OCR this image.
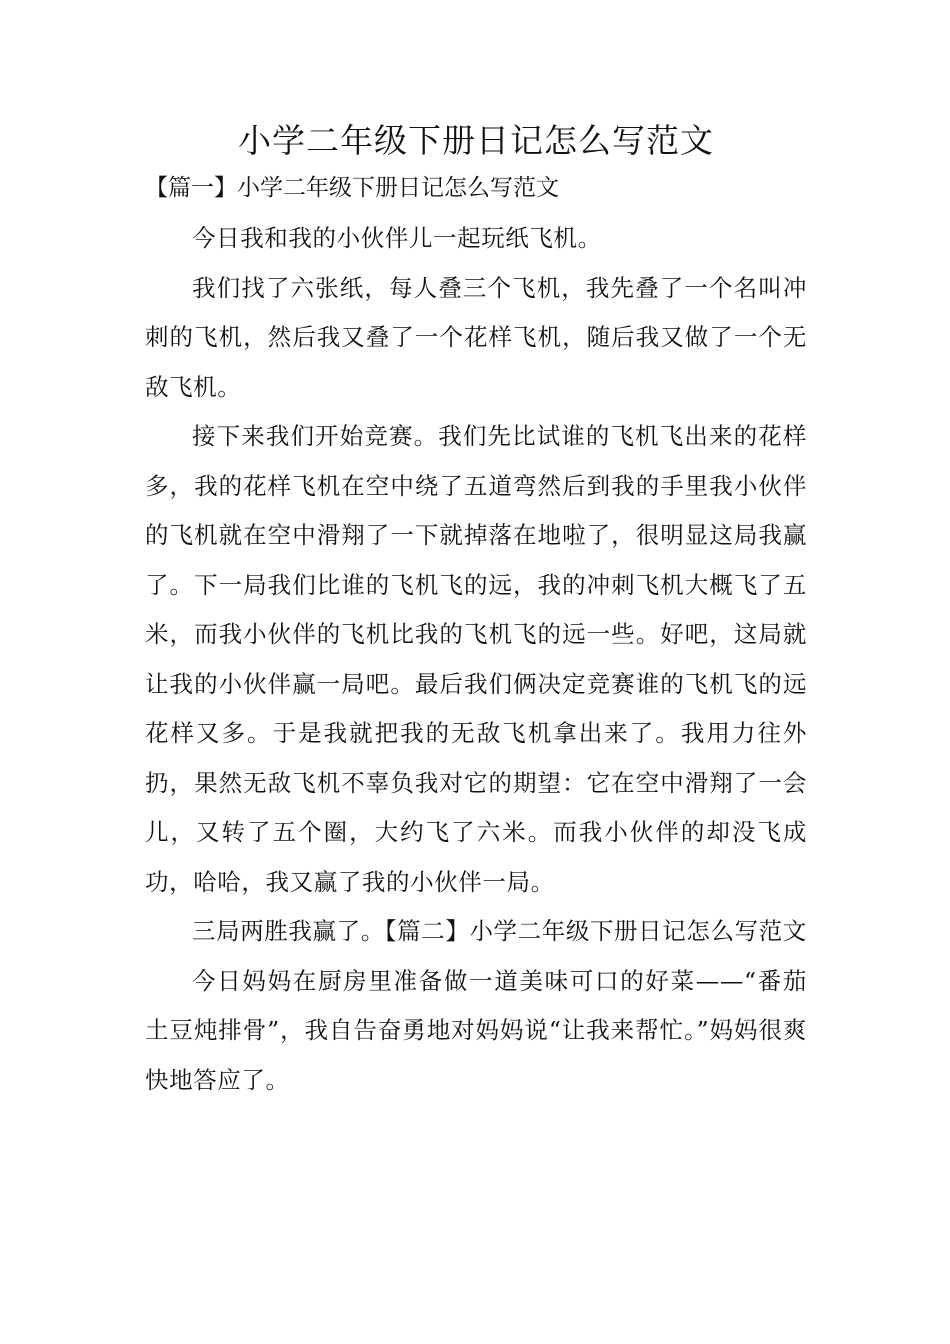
小学二年级下册日记怎么写范文
【篇一】小学二年级下册日记怎么写范文

今日我和我的小伙伴儿一起玩纸飞机。

我们找了六张纸，每人叠三个飞机，我先叠了一个名叫冲刺的飞机，然后我又叠了一个花样飞机，随后我又做了一个无敌飞机。

接下来我们开始竞赛。我们先比试谁的飞机飞出来的花样多，我的花样飞机在空中绕了五道弯然后到我的手里我小伙伴的飞机就在空中滑翔了一下就掉落在地啦了，很明显这局我赢了。下一局我们比谁的飞机飞的远，我的冲刺飞机大概飞了五米，而我小伙伴的飞机比我的飞机飞的远一些。好吧，这局就让我的小伙伴赢一局吧。最后我们俩决定竞赛谁的飞机飞的远花样又多。于是我就把我的无敌飞机拿出来了。我用力往外扔，果然无敌飞机不辜负我对它的期望：它在空中滑翔了一会儿，又转了五个圈，大约飞了六米。而我小伙伴的却没飞成功，哈哈，我又赢了我的小伙伴一局。

三局两胜我赢了。【篇二】小学二年级下册日记怎么写范文

今日妈妈在厨房里准备做一道美味可口的好菜——“番茄土豆炖排骨”，我自告奋勇地对妈妈说“让我来帮忙。”妈妈很爽快地答应了。
